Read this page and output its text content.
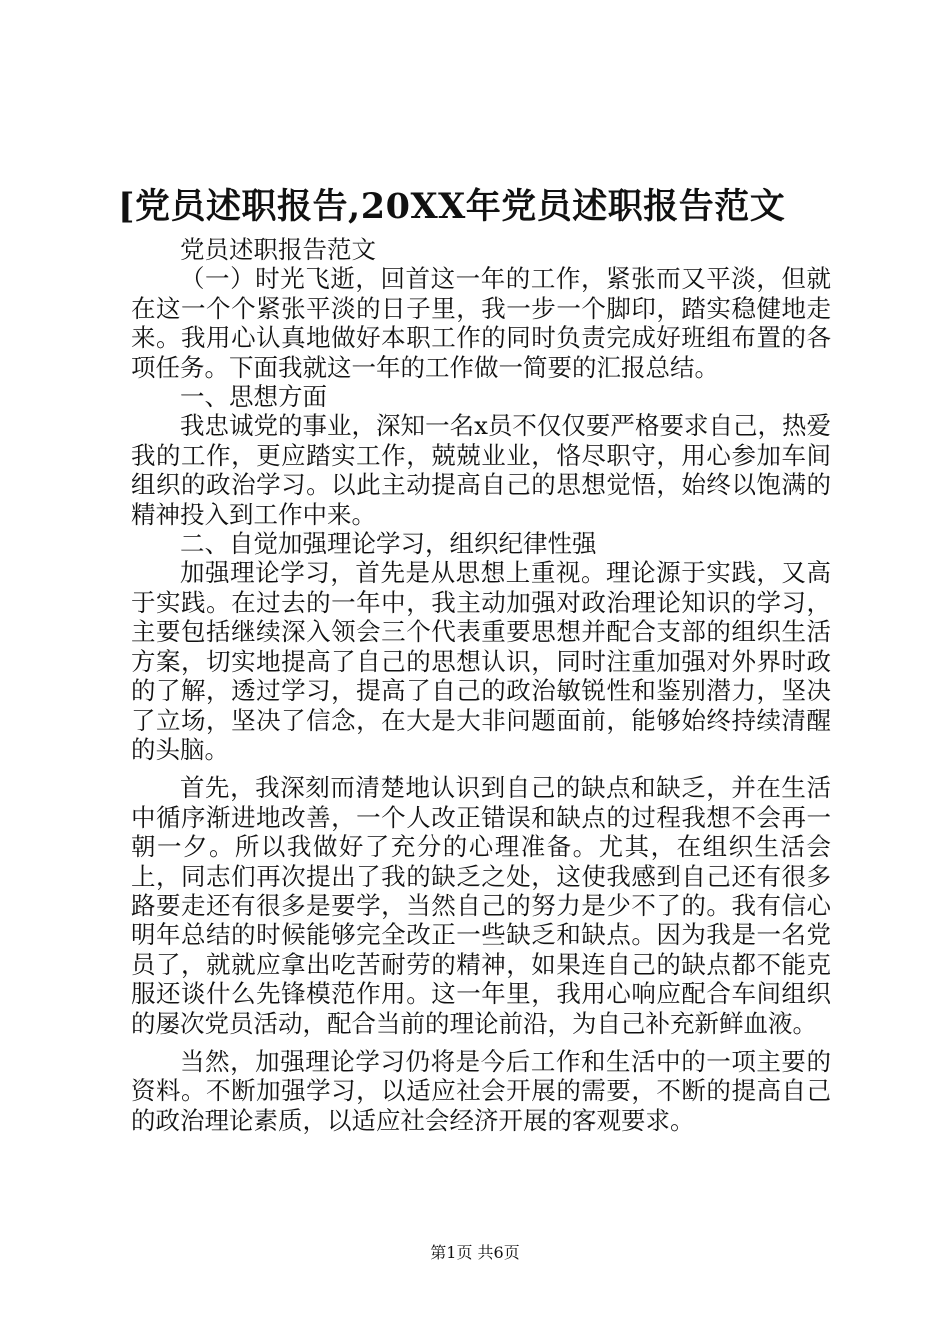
[党员述职报告,20XX年党员述职报告范文

党员述职报告范文

（一）时光飞逝，回首这一年的工作，紧张而又平淡，但就在这一个个紧张平淡的日子里，我一步一个脚印，踏实稳健地走来。我用心认真地做好本职工作的同时负责完成好班组布置的各项任务。下面我就这一年的工作做一简要的汇报总结。

一、思想方面

我忠诚党的事业，深知一名x员不仅仅要严格要求自己，热爱我的工作，更应踏实工作，兢兢业业，恪尽职守，用心参加车间组织的政治学习。以此主动提高自己的思想觉悟，始终以饱满的精神投入到工作中来。

二、自觉加强理论学习，组织纪律性强

加强理论学习，首先是从思想上重视。理论源于实践，又高于实践。在过去的一年中，我主动加强对政治理论知识的学习，主要包括继续深入领会三个代表重要思想并配合支部的组织生活方案，切实地提高了自己的思想认识，同时注重加强对外界时政的了解，透过学习，提高了自己的政治敏锐性和鉴别潜力，坚决了立场，坚决了信念，在大是大非问题面前，能够始终持续清醒的头脑。

首先，我深刻而清楚地认识到自己的缺点和缺乏，并在生活中循序渐进地改善，一个人改正错误和缺点的过程我想不会再一朝一夕。所以我做好了充分的心理准备。尤其，在组织生活会上，同志们再次提出了我的缺乏之处，这使我感到自己还有很多路要走还有很多是要学，当然自己的努力是少不了的。我有信心明年总结的时候能够完全改正一些缺乏和缺点。因为我是一名党员了，就就应拿出吃苦耐劳的精神，如果连自己的缺点都不能克服还谈什么先锋模范作用。这一年里，我用心响应配合车间组织的屡次党员活动，配合当前的理论前沿，为自己补充新鲜血液。

当然，加强理论学习仍将是今后工作和生活中的一项主要的资料。不断加强学习，以适应社会开展的需要，不断的提高自己的政治理论素质，以适应社会经济开展的客观要求。

第1页 共6页
